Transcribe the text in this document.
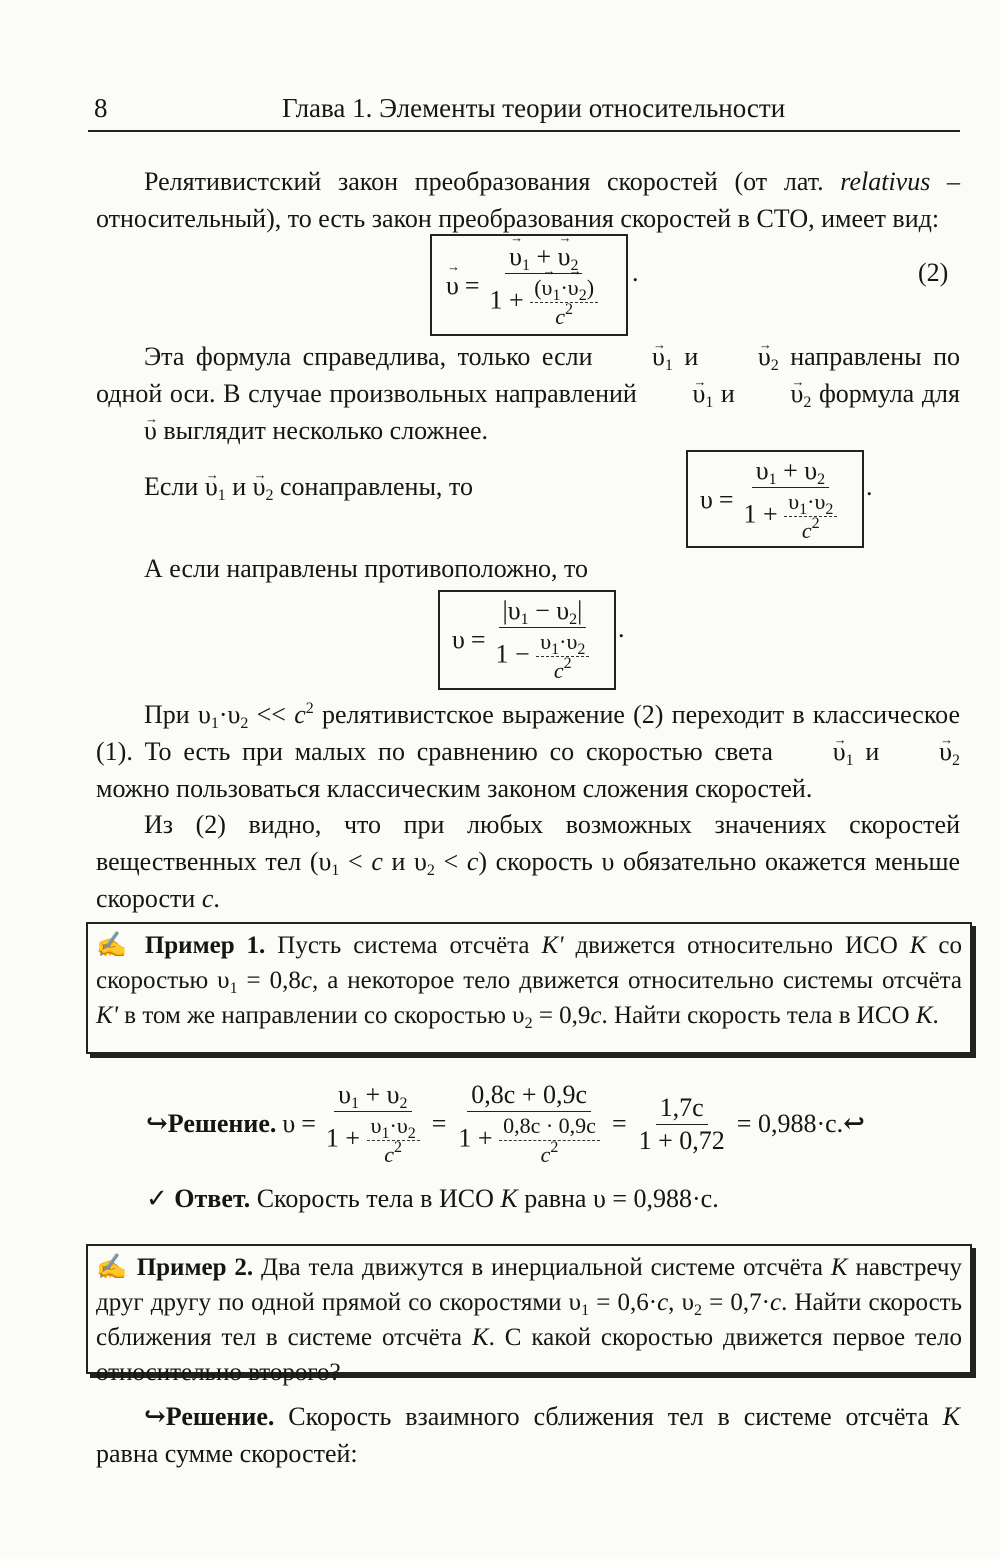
8	Глава 1. Элементы теории относительности
Релятивистский закон преобразования скоростей (от лат. relativus – относительный), то есть закон преобразования скоростей в СТО, имеет вид:
→ υ = → $\frac{\upsilon_1 + \to \upsilon_2}{1 + \frac{(\to \upsilon_1\cdot\to \upsilon_2)}{c^2}}$ .	(2)
Эта формула справедлива, только если → $\upsilon_1$ $и \to \upsilon_2$ направлены по одной оси. В случае произвольных направлений → $\upsilon_1$ $и \to \upsilon_2$ формула для → υ выглядит несколько сложнее.
Если → $\upsilon_1$ $и \to \upsilon_2$ сонаправлены, то	$\upsilon = \frac{\upsilon_1 + \upsilon_2}{1 + \frac{\upsilon_1\cdot\upsilon_2}{c^2}}$ .
А если направлены противоположно, то
$\upsilon = \frac{|\upsilon_1 - \upsilon_2|}{1 - \frac{\upsilon_1\cdot\upsilon_2}{c^2}}$ .
При $\upsilon_1\cdot\upsilon_2 << c^2$ релятивистское выражение (2) переходит в классическое (1). То есть при малых по сравнению со скоростью света → $\upsilon_1$ $и \to \upsilon_2$ можно пользоваться классическим законом сложения скоростей.
Из (2) видно, что при любых возможных значениях скоростей вещественных тел ($\upsilon_1 < c$ и $\upsilon_2 < c$) скорость υ обязательно окажется меньше скорости c.
✍ Пример 1. Пусть система отсчёта K' движется относительно ИСО K со скоростью $\upsilon_1 = 0,8c$, а некоторое тело движется относительно системы отсчёта K' в том же направлении со скоростью $\upsilon_2 = 0,9c$. Найти скорость тела в ИСО K.
↪ Решение. $\upsilon = \frac{\upsilon_1 + \upsilon_2}{1 + \frac{\upsilon_1\cdot\upsilon_2}{c^2}} = \frac{0,8c + 0,9c}{1 + \frac{0,8c \cdot 0,9c}{c^2}} = \frac{1,7c}{1 + 0,72} = 0,988\cdot c$. ↩
✓ Ответ. Скорость тела в ИСО K равна υ = 0,988·c.
✍ Пример 2. Два тела движутся в инерциальной системе отсчёта K навстречу друг другу по одной прямой со скоростями $\upsilon_1 = 0,6\cdot c$, $\upsilon_2 = 0,7\cdot c$. Найти скорость сближения тел в системе отсчёта K. С какой скоростью движется первое тело относительно второго?
↪Решение. Скорость взаимного сближения тел в системе отсчёта K равна сумме скоростей:
